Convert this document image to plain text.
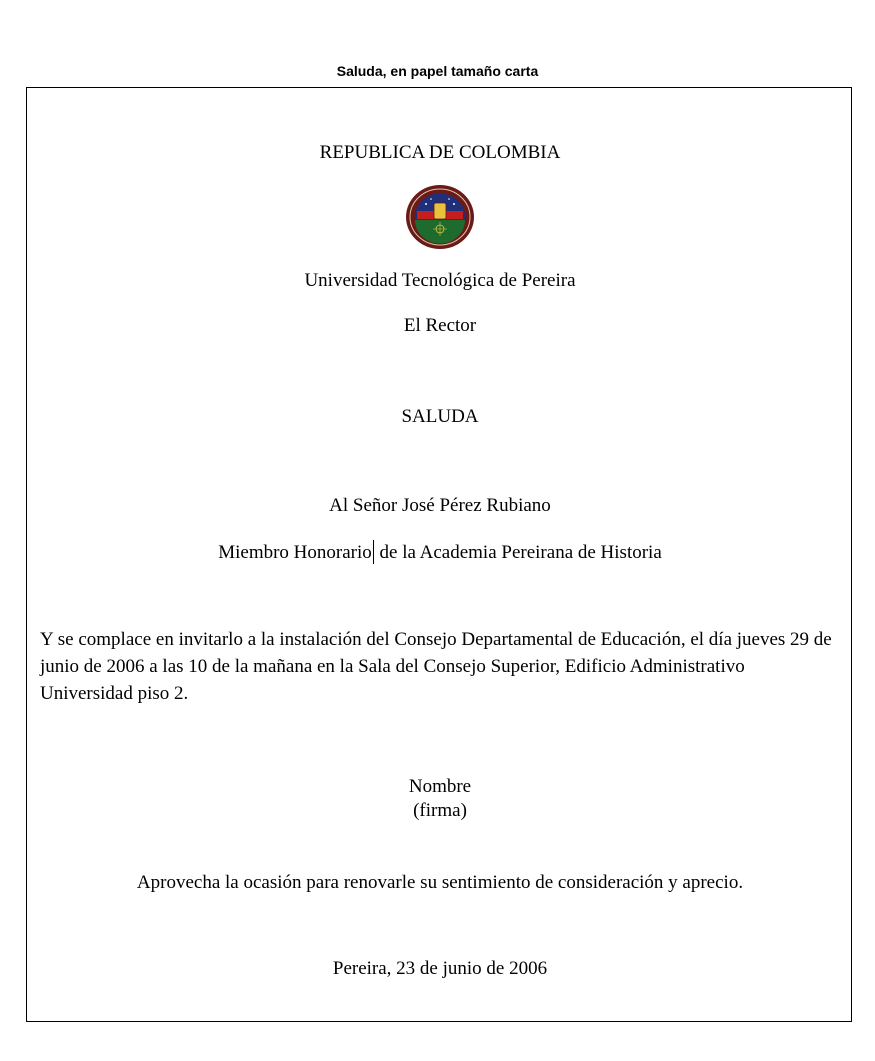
Saluda, en papel tamaño carta
REPUBLICA DE COLOMBIA
Universidad Tecnológica de Pereira
El Rector
SALUDA
Al Señor José Pérez Rubiano
Miembro Honorario de la Academia Pereirana de Historia
Y se complace en invitarlo a la instalación del Consejo Departamental de Educación, el día jueves 29 de junio de 2006 a las 10 de la mañana en la Sala del Consejo Superior, Edificio Administrativo Universidad piso 2.
Nombre
(firma)
Aprovecha la ocasión para renovarle su sentimiento de consideración y aprecio.
Pereira, 23 de junio de 2006
